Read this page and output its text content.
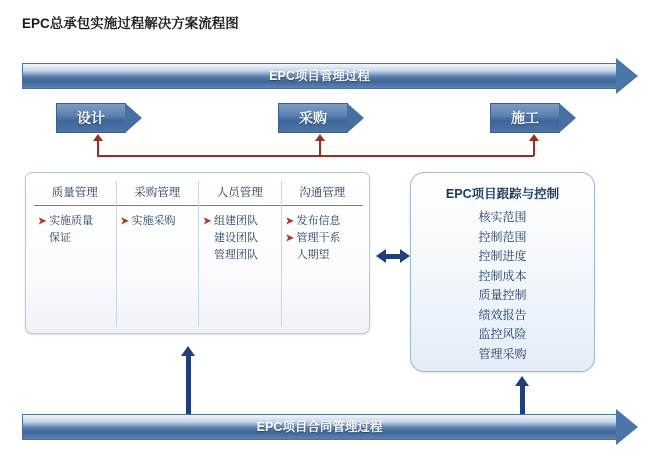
EPC总承包实施过程解决方案流程图
EPC项目管理过程
设计	采购	施工
质量管理
➤ 实施质量
保证
采购管理
➤ 实施采购
人员管理
➤ 组建团队
建设团队
管理团队
沟通管理
➤ 发布信息
➤ 管理干系
人期望
EPC项目跟踪与控制
核实范围
控制范围
控制进度
控制成本
质量控制
绩效报告
监控风险
管理采购
EPC项目合同管理过程
